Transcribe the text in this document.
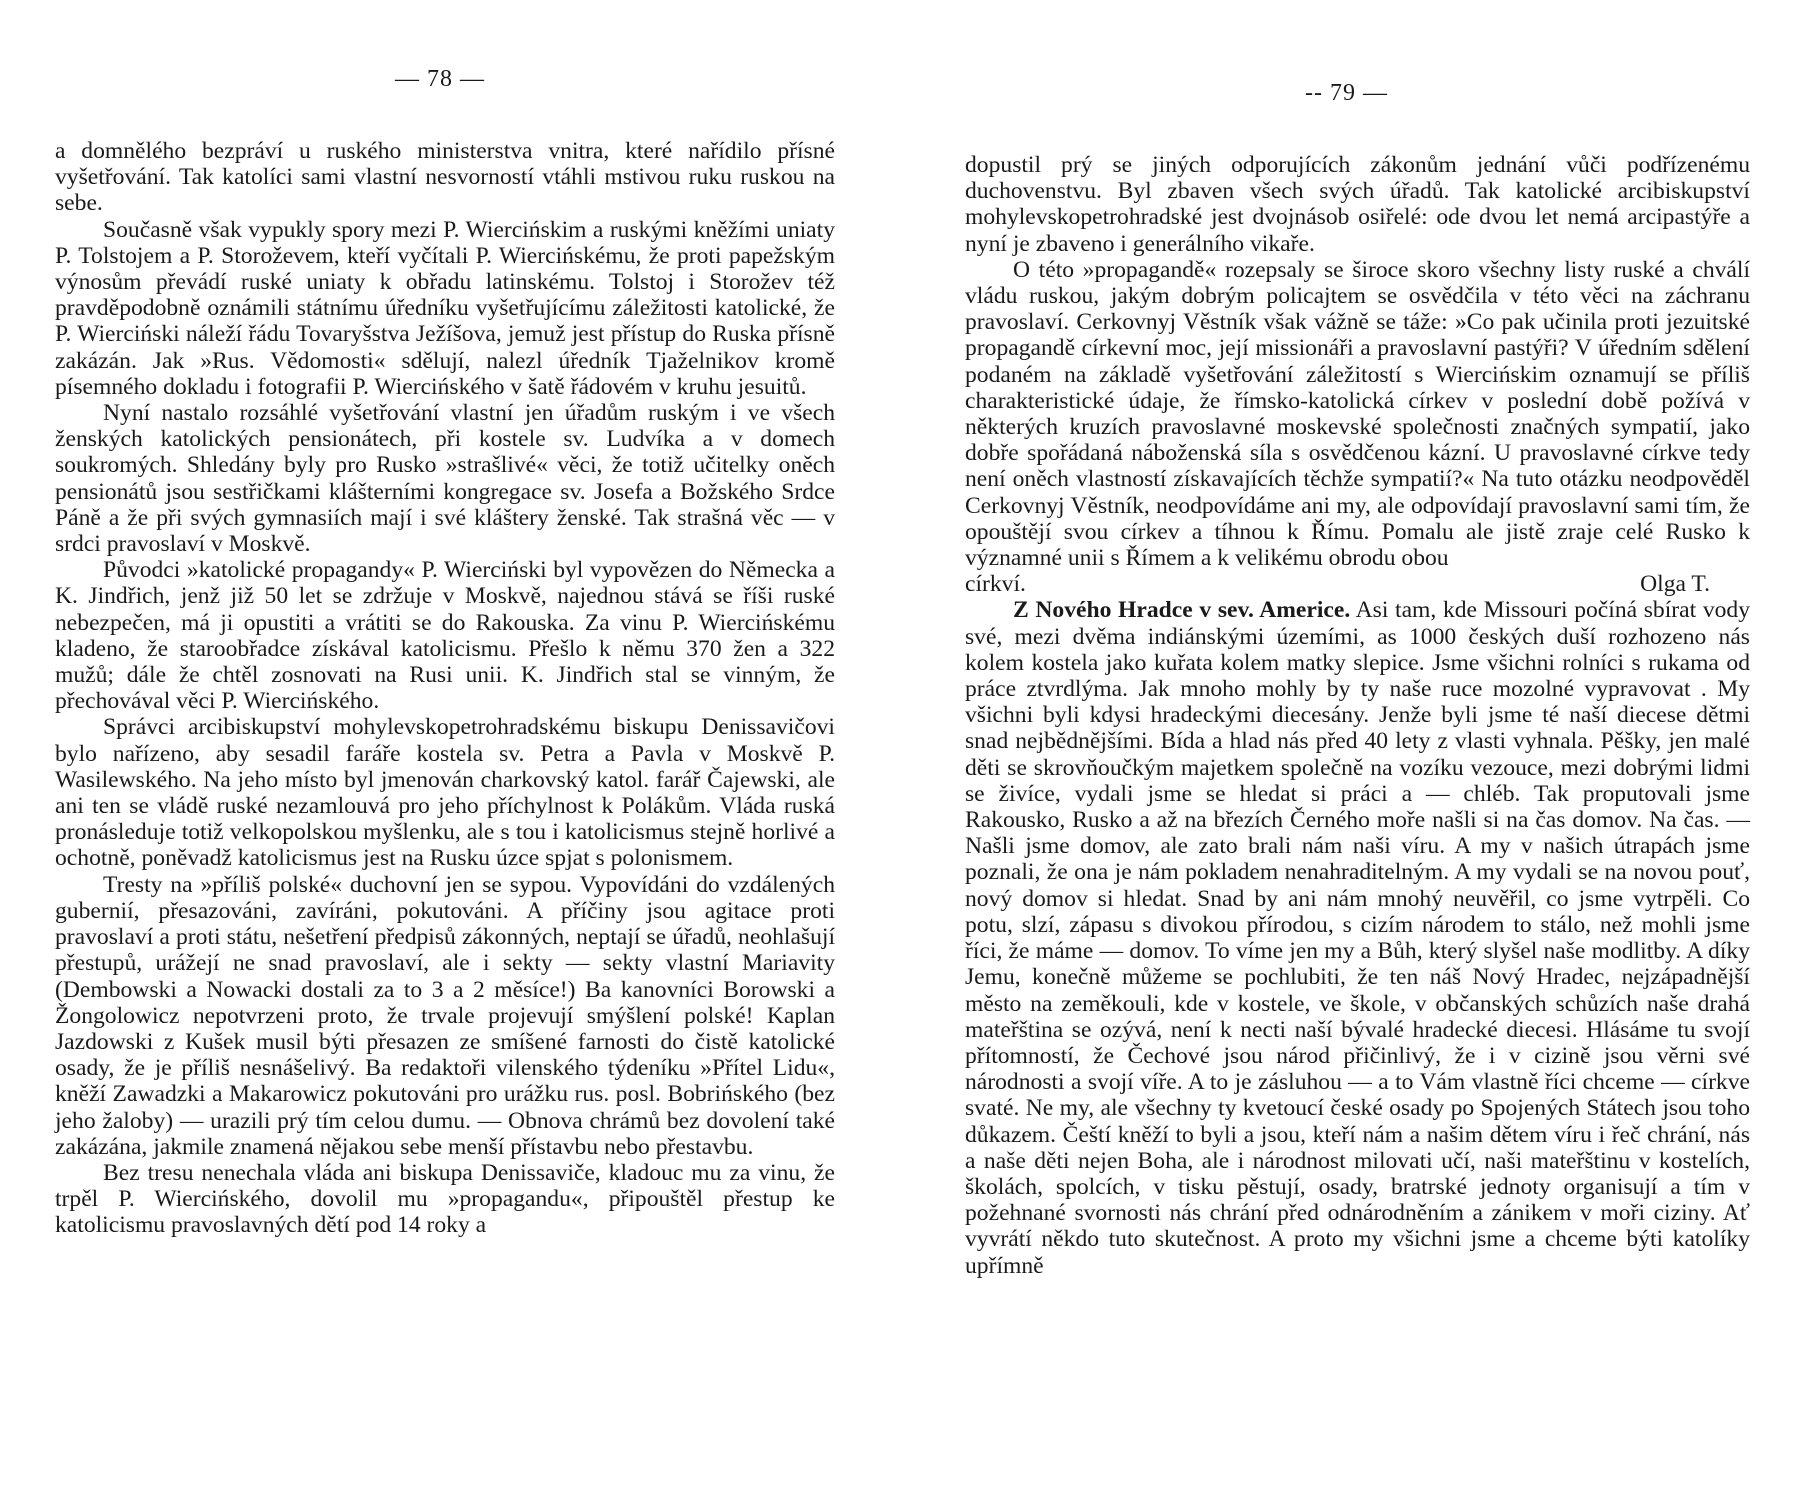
— 78 —

a domnělého bezpráví u ruského ministerstva vnitra, které nařídilo přísné vyšetřování. Tak katolíci sami vlastní nesvorností vtáhli mstivou ruku ruskou na sebe.

Současně však vypukly spory mezi P. Wiercińskim a ruskými kněžími uniaty P. Tolstojem a P. Storoževem, kteří vyčítali P. Wiercińskému, že proti papežským výnosům převádí ruské uniaty k obřadu latinskému. Tolstoj i Storožev též pravděpodobně oznámili státnímu úředníku vyšetřujícímu záležitosti katolické, že P. Wierciński náleží řádu Tovaryšstva Ježíšova, jemuž jest přístup do Ruska přísně zakázán. Jak »Rus. Vědomosti« sdělují, nalezl úředník Tjaželnikov kromě písemného dokladu i fotografii P. Wiercińského v šatě řádovém v kruhu jesuitů.

Nyní nastalo rozsáhlé vyšetřování vlastní jen úřadům ruským i ve všech ženských katolických pensionátech, při kostele sv. Ludvíka a v domech soukromých. Shledány byly pro Rusko »strašlivé« věci, že totiž učitelky oněch pensionátů jsou sestřičkami klášterními kongregace sv. Josefa a Božského Srdce Páně a že při svých gymnasiích mají i své kláštery ženské. Tak strašná věc — v srdci pravoslaví v Moskvě.

Původci »katolické propagandy« P. Wierciński byl vypovězen do Německa a K. Jindřich, jenž již 50 let se zdržuje v Moskvě, najednou stává se říši ruské nebezpečen, má ji opustiti a vrátiti se do Rakouska. Za vinu P. Wiercińskému kladeno, že staroobřadce získával katolicismu. Přešlo k němu 370 žen a 322 mužů; dále že chtěl zosnovati na Rusi unii. K. Jindřich stal se vinným, že přechovával věci P. Wiercińského.

Správci arcibiskupství mohylevskopetrohradskému biskupu Denissavičovi bylo nařízeno, aby sesadil faráře kostela sv. Petra a Pavla v Moskvě P. Wasilewského. Na jeho místo byl jmenován charkovský katol. farář Čajewski, ale ani ten se vládě ruské nezamlouvá pro jeho příchylnost k Polákům. Vláda ruská pronásleduje totiž velkopolskou myšlenku, ale s tou i katolicismus stejně horlivé a ochotně, poněvadž katolicismus jest na Rusku úzce spjat s polonismem.

Tresty na »příliš polské« duchovní jen se sypou. Vypovídáni do vzdálených gubernií, přesazováni, zavíráni, pokutováni. A příčiny jsou agitace proti pravoslaví a proti státu, nešetření předpisů zákonných, neptají se úřadů, neohlašují přestupů, urážejí ne snad pravoslaví, ale i sekty — sekty vlastní Mariavity (Dembowski a Nowacki dostali za to 3 a 2 měsíce!) Ba kanovníci Borowski a Žongolowicz nepotvrzeni proto, že trvale projevují smýšlení polské! Kaplan Jazdowski z Kušek musil býti přesazen ze smíšené farnosti do čistě katolické osady, že je příliš nesnášelivý. Ba redaktoři vilenského týdeníku »Přítel Lidu«, kněží Zawadzki a Makarowicz pokutováni pro urážku rus. posl. Bobrińského (bez jeho žaloby) — urazili prý tím celou dumu. — Obnova chrámů bez dovolení také zakázána, jakmile znamená nějakou sebe menší přístavbu nebo přestavbu.

Bez tresu nenechala vláda ani biskupa Denissaviče, kladouc mu za vinu, že trpěl P. Wiercińského, dovolil mu »propagandu«, připouštěl přestup ke katolicismu pravoslavných dětí pod 14 roky a

-- 79 —

dopustil prý se jiných odporujících zákonům jednání vůči podřízenému duchovenstvu. Byl zbaven všech svých úřadů. Tak katolické arcibiskupství mohylevskopetrohradské jest dvojnásob osiřelé: ode dvou let nemá arcipastýře a nyní je zbaveno i generálního vikaře.

O této »propagandě« rozepsaly se široce skoro všechny listy ruské a chválí vládu ruskou, jakým dobrým policajtem se osvědčila v této věci na záchranu pravoslaví. Cerkovnyj Věstník však vážně se táže: »Co pak učinila proti jezuitské propagandě církevní moc, její missionáři a pravoslavní pastýři? V úředním sdělení podaném na základě vyšetřování záležitostí s Wiercińskim oznamují se příliš charakteristické údaje, že římsko-katolická církev v poslední době požívá v některých kruzích pravoslavné moskevské společnosti značných sympatií, jako dobře spořádaná náboženská síla s osvědčenou kázní. U pravoslavné církve tedy není oněch vlastností získavajících těchže sympatií?« Na tuto otázku neodpověděl Cerkovnyj Věstník, neodpovídáme ani my, ale odpovídají pravoslavní sami tím, že opouštějí svou církev a tíhnou k Římu. Pomalu ale jistě zraje celé Rusko k významné unii s Římem a k velikému obrodu obou

církví.	Olga T.

Z Nového Hradce v sev. Americe. Asi tam, kde Missouri počíná sbírat vody své, mezi dvěma indiánskými územími, as 1000 českých duší rozhozeno nás kolem kostela jako kuřata kolem matky slepice. Jsme všichni rolníci s rukama od práce ztvrdlýma. Jak mnoho mohly by ty naše ruce mozolné vypravovat . My všichni byli kdysi hradeckými diecesány. Jenže byli jsme té naší diecese dětmi snad nejbědnějšími. Bída a hlad nás před 40 lety z vlasti vyhnala. Pěšky, jen malé děti se skrovňoučkým majetkem společně na vozíku vezouce, mezi dobrými lidmi se živíce, vydali jsme se hledat si práci a — chléb. Tak proputovali jsme Rakousko, Rusko a až na březích Černého moře našli si na čas domov. Na čas. — Našli jsme domov, ale zato brali nám naši víru. A my v našich útrapách jsme poznali, že ona je nám pokladem nenahraditelným. A my vydali se na novou pouť, nový domov si hledat. Snad by ani nám mnohý neuvěřil, co jsme vytrpěli. Co potu, slzí, zápasu s divokou přírodou, s cizím národem to stálo, než mohli jsme říci, že máme — domov. To víme jen my a Bůh, který slyšel naše modlitby. A díky Jemu, konečně můžeme se pochlubiti, že ten náš Nový Hradec, nejzápadnější město na zeměkouli, kde v kostele, ve škole, v občanských schůzích naše drahá mateřština se ozývá, není k necti naší bývalé hradecké diecesi. Hlásáme tu svojí přítomností, že Čechové jsou národ přičinlivý, že i v cizině jsou věrni své národnosti a svojí víře. A to je zásluhou — a to Vám vlastně říci chceme — církve svaté. Ne my, ale všechny ty kvetoucí české osady po Spojených Státech jsou toho důkazem. Čeští kněží to byli a jsou, kteří nám a našim dětem víru i řeč chrání, nás a naše děti nejen Boha, ale i národnost milovati učí, naši mateřštinu v kostelích, školách, spolcích, v tisku pěstují, osady, bratrské jednoty organisují a tím v požehnané svornosti nás chrání před odnárodněním a zánikem v moři ciziny. Ať vyvrátí někdo tuto skutečnost. A proto my všichni jsme a chceme býti katolíky upřímně
